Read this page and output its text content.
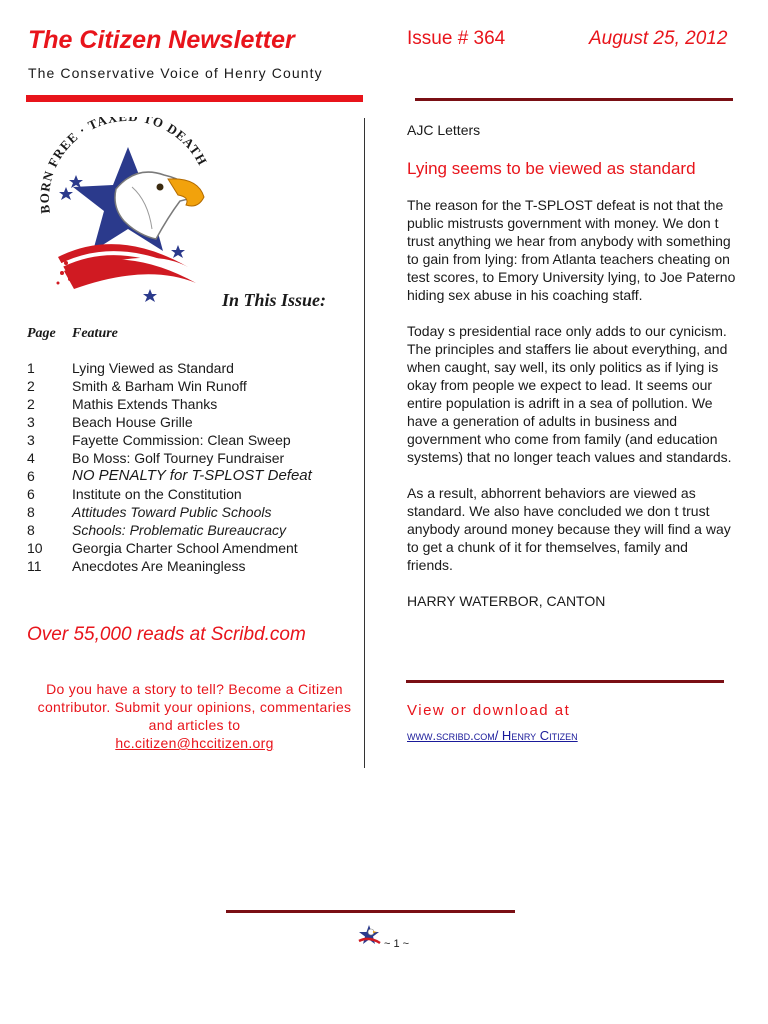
The Citizen Newsletter
The Conservative Voice of Henry County
Issue # 364	August 25, 2012
BORN FREE · TAX TO DEATH
In This Issue:
Page Feature
1	Lying Viewed as Standard
2	Smith & Barham Win Runoff
2	Mathis Extends Thanks
3	Beach House Grille
3	Fayette Commission: Clean Sweep
4	Bo Moss: Golf Tourney Fundraiser
6 NO PENALTY for T-SPLOST Defeat
6	Institute on the Constitution
8	Attitudes Toward Public Schools
8	Schools: Problematic Bureaucracy
10 Georgia Charter School Amendment
11 Anecdotes Are Meaningless
Over 55,000 reads at Scribd.com
Do you have a story to tell? Become a Citizen contributor. Submit your opinions, commentaries and articles to
hc.citizen@hccitizen.org
AJC Letters
Lying seems to be viewed as standard

The reason for the T-SPLOST defeat is not that the public mistrusts government with money. We don t trust anything we hear from anybody with something to gain from lying: from Atlanta teachers cheating on test scores, to Emory University lying, to Joe Paterno hiding sex abuse in his coaching staff.

Today s presidential race only adds to our cynicism. The principles and staffers lie about everything, and when caught, say well, its only politics as if lying is okay from people we expect to lead. It seems our entire population is adrift in a sea of pollution. We have a generation of adults in business and government who come from family (and education systems) that no longer teach values and standards.

As a result, abhorrent behaviors are viewed as standard. We also have concluded we don t trust anybody around money because they will find a way to get a chunk of it for themselves, family and friends.

HARRY WATERBOR, CANTON

View or download at
www.scribd.com/ Henry Citizen
~ 1 ~
